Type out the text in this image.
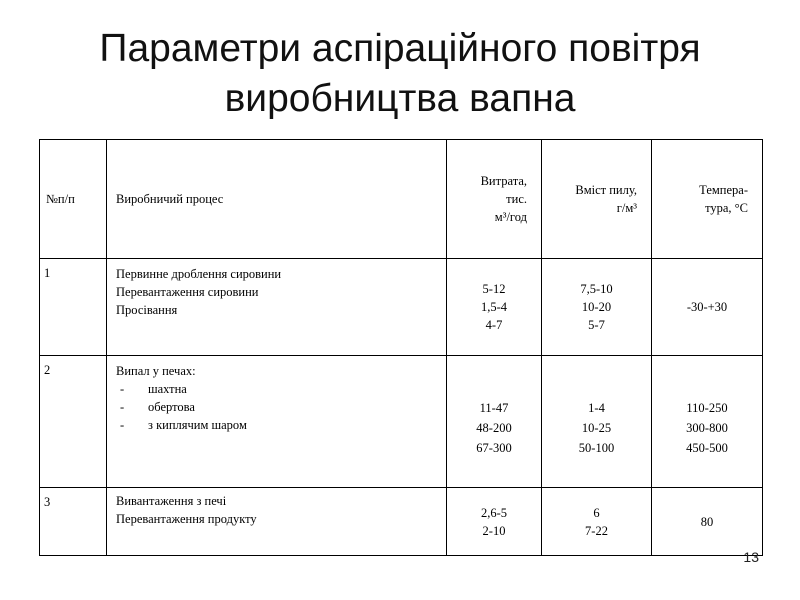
Параметри аспіраційного повітря
виробництва вапна
№п/п	Виробничий процес	Витрата,
тис.
м³/год	Вміст пилу,
г/м³	Темпера-
тура, °С

1	Первинне дроблення сировини
Перевантаження сировини
Просівання	5-12
1,5-4
4-7	7,5-10
10-20
5-7	-30-+30

2	Випал у печах:
- шахтна
- обертова
- з киплячим шаром	11-47
48-200
67-300	1-4
10-25
50-100	110-250
300-800
450-500

3	Вивантаження з печі
Перевантаження продукту	2,6-5
2-10	6
7-22	80
13
